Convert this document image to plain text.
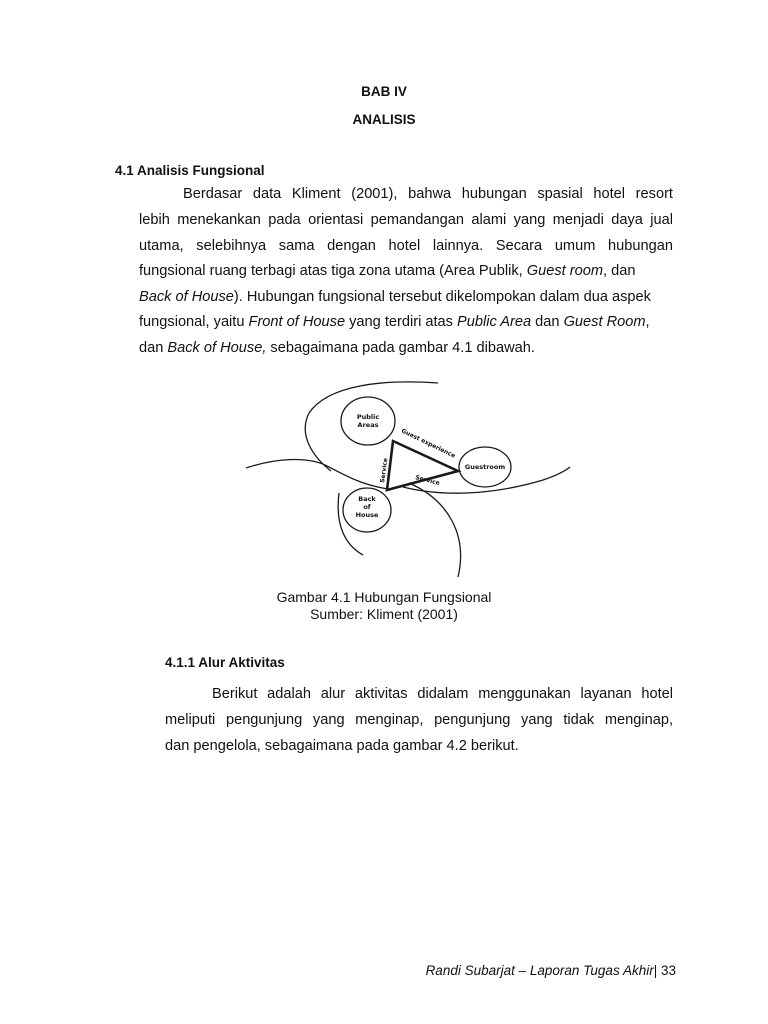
BAB IV
ANALISIS
4.1 Analisis Fungsional
Berdasar data Kliment (2001), bahwa hubungan spasial hotel resort
lebih menekankan pada orientasi pemandangan alami yang menjadi daya jual
utama, selebihnya sama dengan hotel lainnya. Secara umum hubungan
fungsional ruang terbagi atas tiga zona utama (Area Publik, Guest room, dan
Back of House). Hubungan fungsional tersebut dikelompokan dalam dua aspek
fungsional, yaitu Front of House yang terdiri atas Public Area dan Guest Room,
dan Back of House, sebagaimana pada gambar 4.1 dibawah.
Public
Areas
Guestroom
Back
of
House
Guest experience
Service	Service
Gambar 4.1 Hubungan Fungsional
Sumber: Kliment (2001)
4.1.1 Alur Aktivitas
Berikut adalah alur aktivitas didalam menggunakan layanan hotel
meliputi pengunjung yang menginap, pengunjung yang tidak menginap,
dan pengelola, sebagaimana pada gambar 4.2 berikut.
Randi Subarjat – Laporan Tugas Akhir| 33
